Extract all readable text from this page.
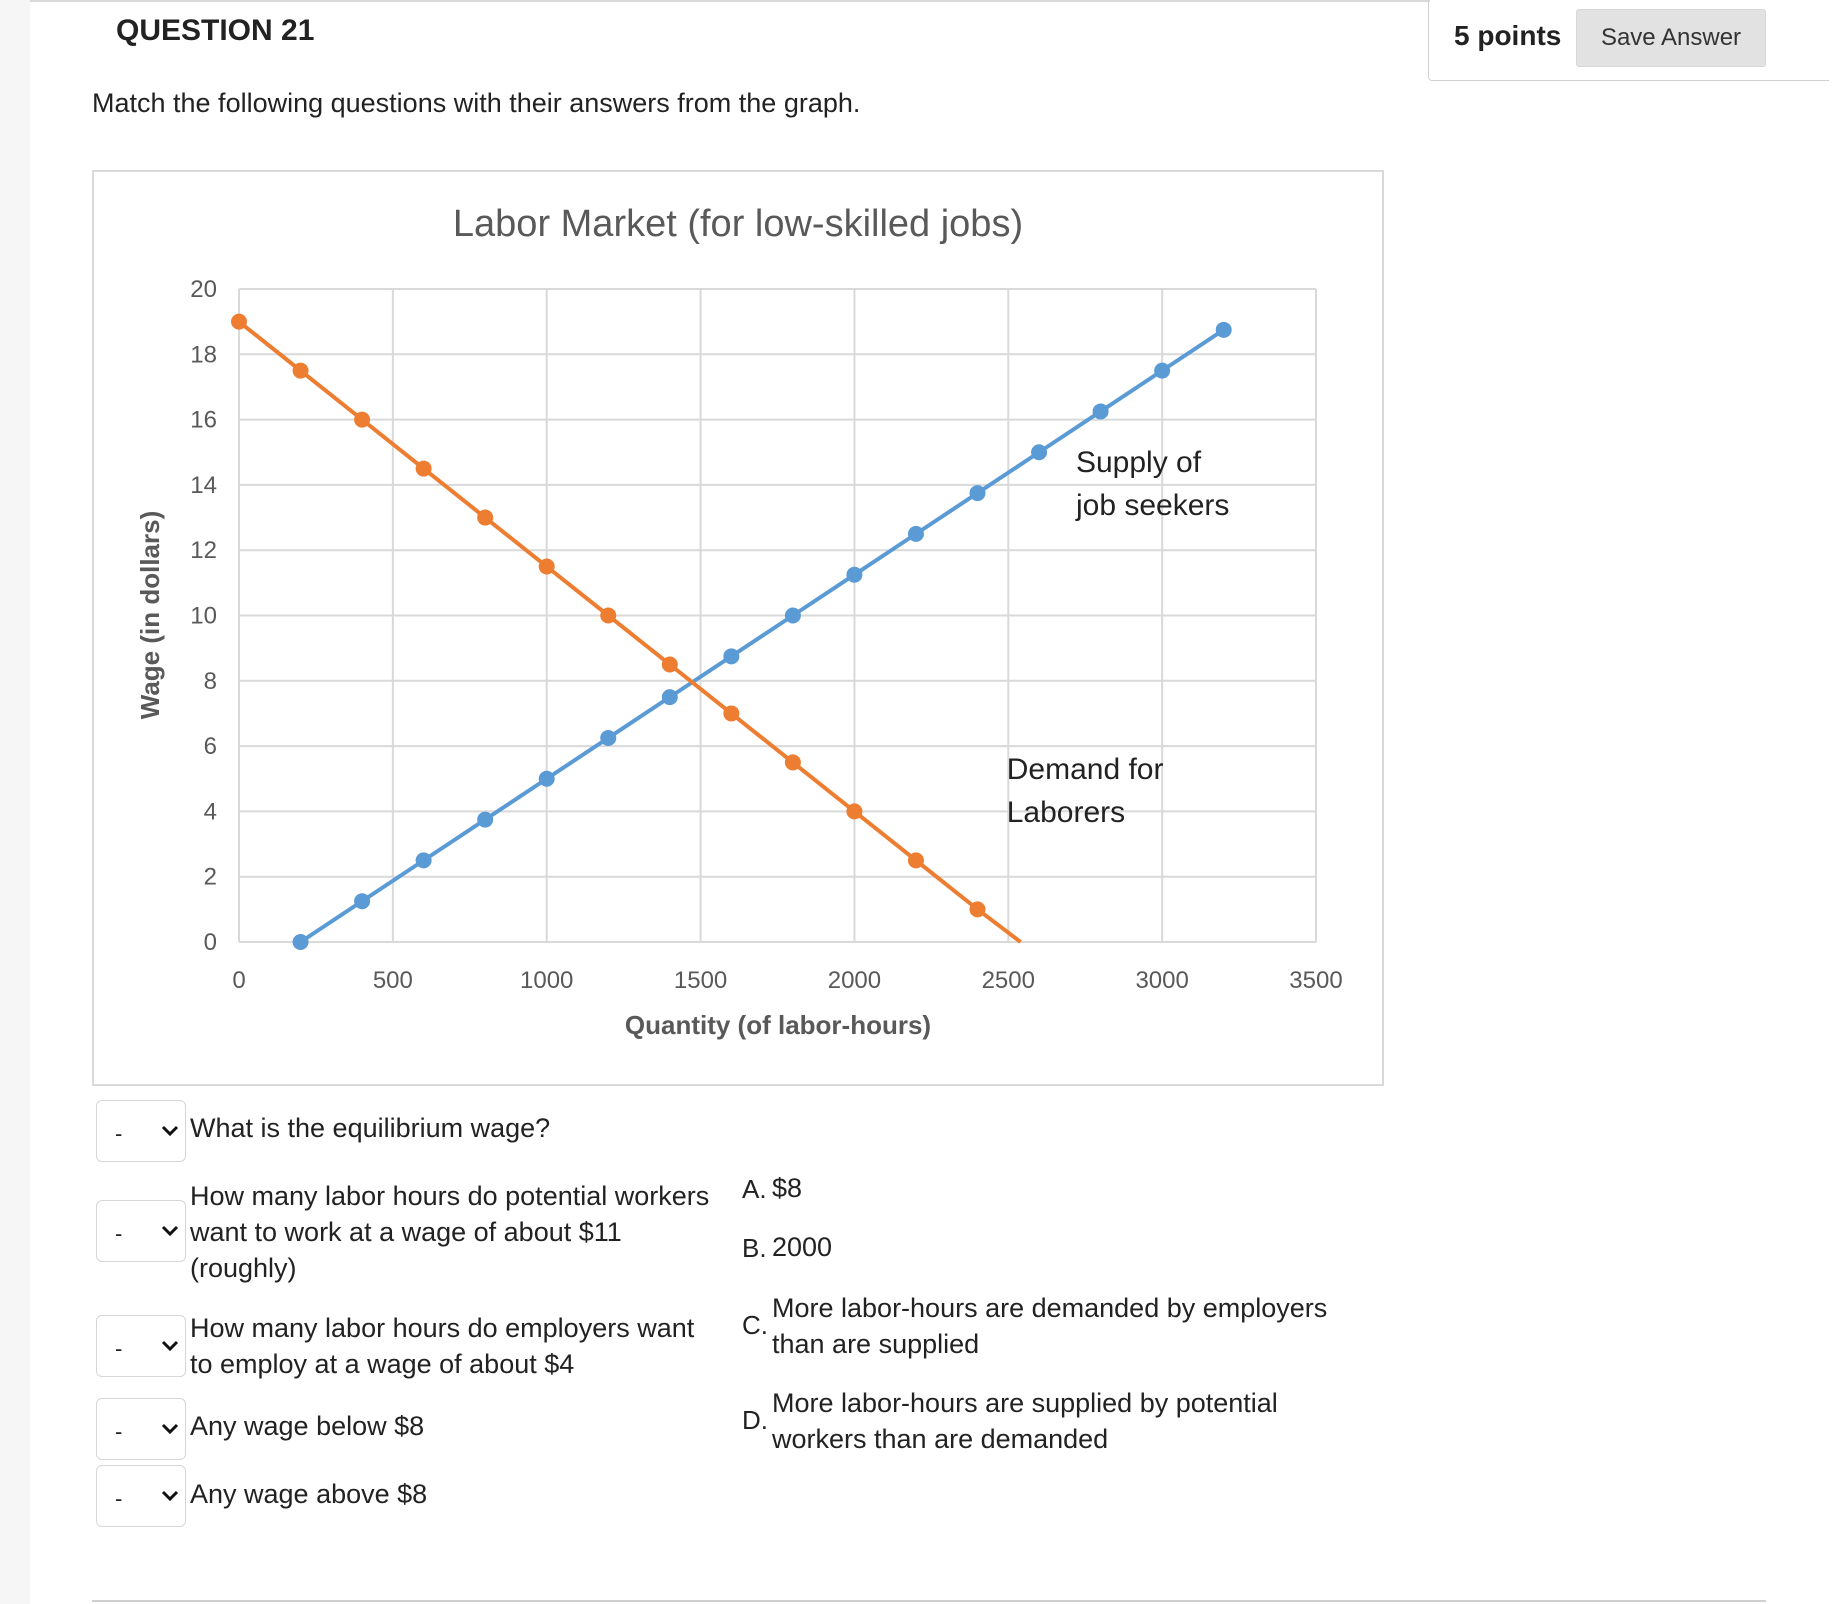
QUESTION 21	5 points	Save Answer
Match the following questions with their answers from the graph.
0
2
4
6
8
10
12
14
16
18
20
0	500	1000	1500	2000	2500	3000	3500
Labor Market (for low-skilled jobs)
Quantity (of labor-hours)
Wage (in dollars)
Supply of
job seekers
Demand for
Laborers
-	What is the equilibrium wage?
-
How many labor hours do potential workers
want to work at a wage of about $11
(roughly)
-
How many labor hours do employers want
to employ at a wage of about $4
-	Any wage below $8
-	Any wage above $8
A. $8
B. 2000
C.
More labor-hours are demanded by employers
than are supplied
D.
More labor-hours are supplied by potential
workers than are demanded
